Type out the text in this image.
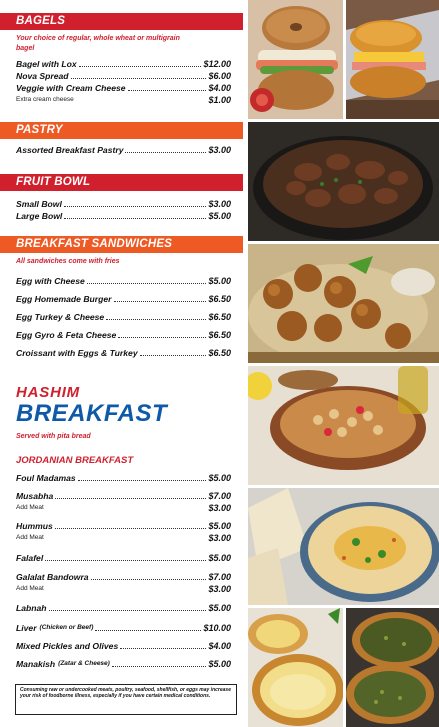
BAGELS
Your choice of regular, whole wheat or multigrain bagel
Bagel with Lox	$12.00
Nova Spread	$6.00
Veggie with Cream Cheese	$4.00
Extra cream cheese	$1.00
PASTRY
Assorted Breakfast Pastry	$3.00
FRUIT BOWL
Small Bowl	$3.00
Large Bowl	$5.00
BREAKFAST SANDWICHES
All sandwiches come with fries
Egg with Cheese	$5.00
Egg Homemade Burger	$6.50
Egg Turkey & Cheese	$6.50
Egg Gyro & Feta Cheese	$6.50
Croissant with Eggs & Turkey	$6.50
HASHIM
BREAKFAST
Served with pita bread
JORDANIAN BREAKFAST
Foul Madamas	$5.00
Musabha	$7.00
Add Meat	$3.00
Hummus	$5.00
Add Meat	$3.00
Falafel	$5.00
Galalat Bandowra	$7.00
Add Meat	$3.00
Labnah	$5.00
Liver (Chicken or Beef)	$10.00
Mixed Pickles and Olives	$4.00
Manakish (Zatar & Cheese)	$5.00
Consuming raw or undercooked meats, poultry, seafood, shellfish, or eggs may increase your risk of foodborne illness, especially if you have certain medical conditions.
